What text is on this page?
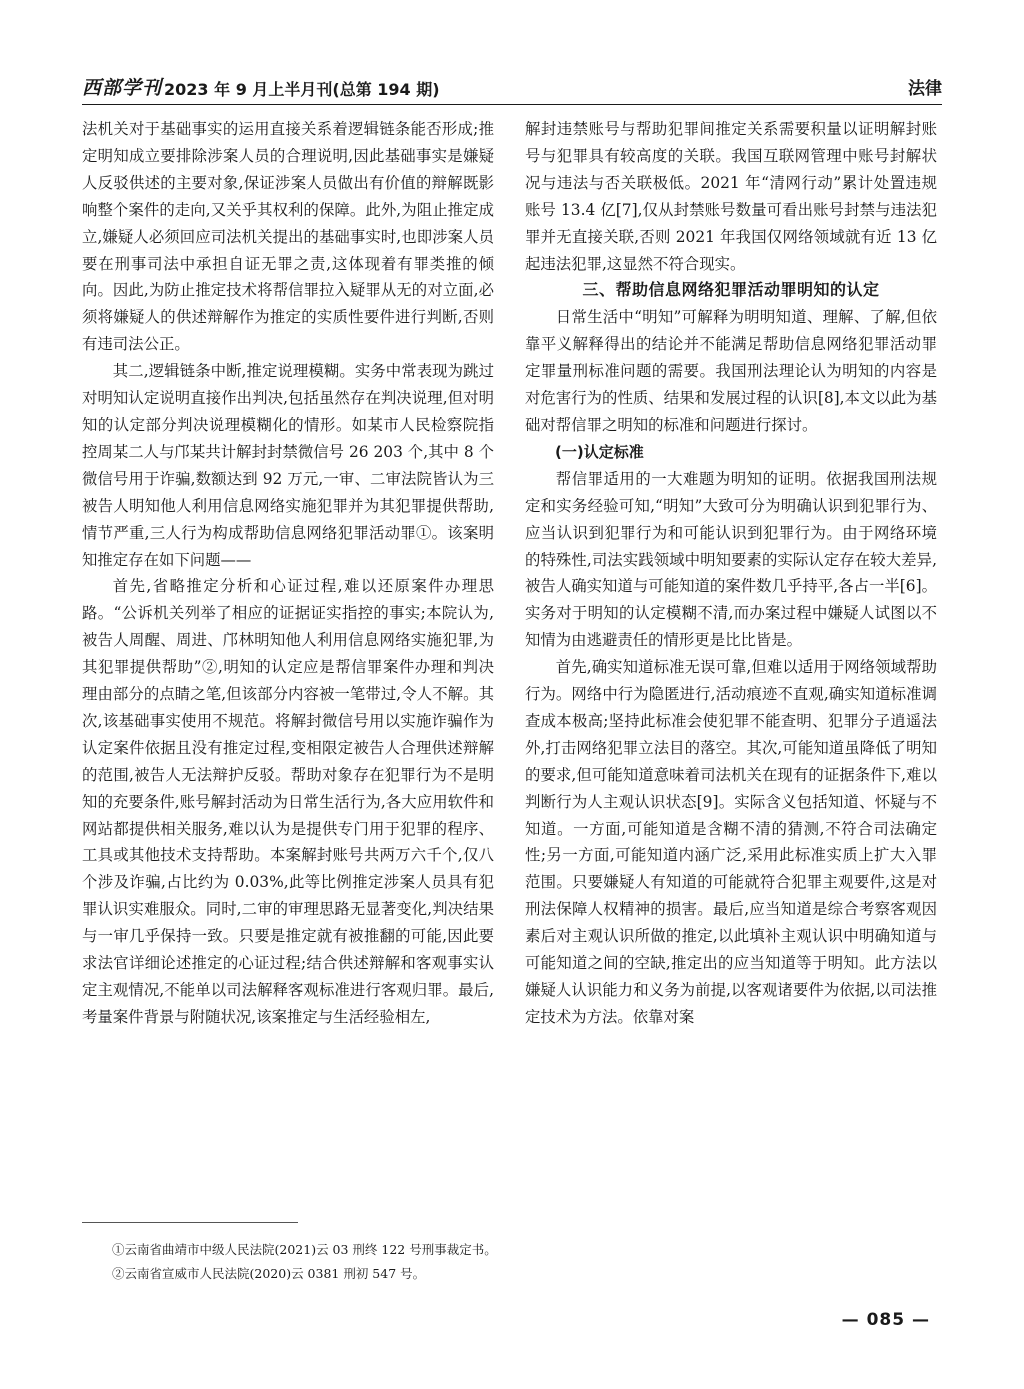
西部学刊 2023 年 9 月上半月刊(总第 194 期)	法律

法机关对于基础事实的运用直接关系着逻辑链条能否形成;推定明知成立要排除涉案人员的合理说明,因此基础事实是嫌疑人反驳供述的主要对象,保证涉案人员做出有价值的辩解既影响整个案件的走向,又关乎其权利的保障。此外,为阻止推定成立,嫌疑人必须回应司法机关提出的基础事实时,也即涉案人员要在刑事司法中承担自证无罪之责,这体现着有罪类推的倾向。因此,为防止推定技术将帮信罪拉入疑罪从无的对立面,必须将嫌疑人的供述辩解作为推定的实质性要件进行判断,否则有违司法公正。

其二,逻辑链条中断,推定说理模糊。实务中常表现为跳过对明知认定说明直接作出判决,包括虽然存在判决说理,但对明知的认定部分判决说理模糊化的情形。如某市人民检察院指控周某二人与邝某共计解封封禁微信号 26 203 个,其中 8 个微信号用于诈骗,数额达到 92 万元,一审、二审法院皆认为三被告人明知他人利用信息网络实施犯罪并为其犯罪提供帮助,情节严重,三人行为构成帮助信息网络犯罪活动罪①。该案明知推定存在如下问题——

首先,省略推定分析和心证过程,难以还原案件办理思路。“公诉机关列举了相应的证据证实指控的事实;本院认为,被告人周醒、周进、邝林明知他人利用信息网络实施犯罪,为其犯罪提供帮助”②,明知的认定应是帮信罪案件办理和判决理由部分的点睛之笔,但该部分内容被一笔带过,令人不解。其次,该基础事实使用不规范。将解封微信号用以实施诈骗作为认定案件依据且没有推定过程,变相限定被告人合理供述辩解的范围,被告人无法辩护反驳。帮助对象存在犯罪行为不是明知的充要条件,账号解封活动为日常生活行为,各大应用软件和网站都提供相关服务,难以认为是提供专门用于犯罪的程序、工具或其他技术支持帮助。本案解封账号共两万六千个,仅八个涉及诈骗,占比约为 0.03%,此等比例推定涉案人员具有犯罪认识实难服众。同时,二审的审理思路无显著变化,判决结果与一审几乎保持一致。只要是推定就有被推翻的可能,因此要求法官详细论述推定的心证过程;结合供述辩解和客观事实认定主观情况,不能单以司法解释客观标准进行客观归罪。最后,考量案件背景与附随状况,该案推定与生活经验相左,

解封违禁账号与帮助犯罪间推定关系需要积量以证明解封账号与犯罪具有较高度的关联。我国互联网管理中账号封解状况与违法与否关联极低。2021 年“清网行动”累计处置违规账号 13.4 亿[7],仅从封禁账号数量可看出账号封禁与违法犯罪并无直接关联,否则 2021 年我国仅网络领域就有近 13 亿起违法犯罪,这显然不符合现实。

三、帮助信息网络犯罪活动罪明知的认定

日常生活中“明知”可解释为明明知道、理解、了解,但依靠平义解释得出的结论并不能满足帮助信息网络犯罪活动罪定罪量刑标准问题的需要。我国刑法理论认为明知的内容是对危害行为的性质、结果和发展过程的认识[8],本文以此为基础对帮信罪之明知的标准和问题进行探讨。

(一)认定标准

帮信罪适用的一大难题为明知的证明。依据我国刑法规定和实务经验可知,“明知”大致可分为明确认识到犯罪行为、应当认识到犯罪行为和可能认识到犯罪行为。由于网络环境的特殊性,司法实践领域中明知要素的实际认定存在较大差异,被告人确实知道与可能知道的案件数几乎持平,各占一半[6]。实务对于明知的认定模糊不清,而办案过程中嫌疑人试图以不知情为由逃避责任的情形更是比比皆是。

首先,确实知道标准无误可靠,但难以适用于网络领域帮助行为。网络中行为隐匿进行,活动痕迹不直观,确实知道标准调查成本极高;坚持此标准会使犯罪不能查明、犯罪分子逍遥法外,打击网络犯罪立法目的落空。其次,可能知道虽降低了明知的要求,但可能知道意味着司法机关在现有的证据条件下,难以判断行为人主观认识状态[9]。实际含义包括知道、怀疑与不知道。一方面,可能知道是含糊不清的猜测,不符合司法确定性;另一方面,可能知道内涵广泛,采用此标准实质上扩大入罪范围。只要嫌疑人有知道的可能就符合犯罪主观要件,这是对刑法保障人权精神的损害。最后,应当知道是综合考察客观因素后对主观认识所做的推定,以此填补主观认识中明确知道与可能知道之间的空缺,推定出的应当知道等于明知。此方法以嫌疑人认识能力和义务为前提,以客观诸要件为依据,以司法推定技术为方法。依靠对案

①云南省曲靖市中级人民法院(2021)云 03 刑终 122 号刑事裁定书。

②云南省宣威市人民法院(2020)云 0381 刑初 547 号。

— 085 —
